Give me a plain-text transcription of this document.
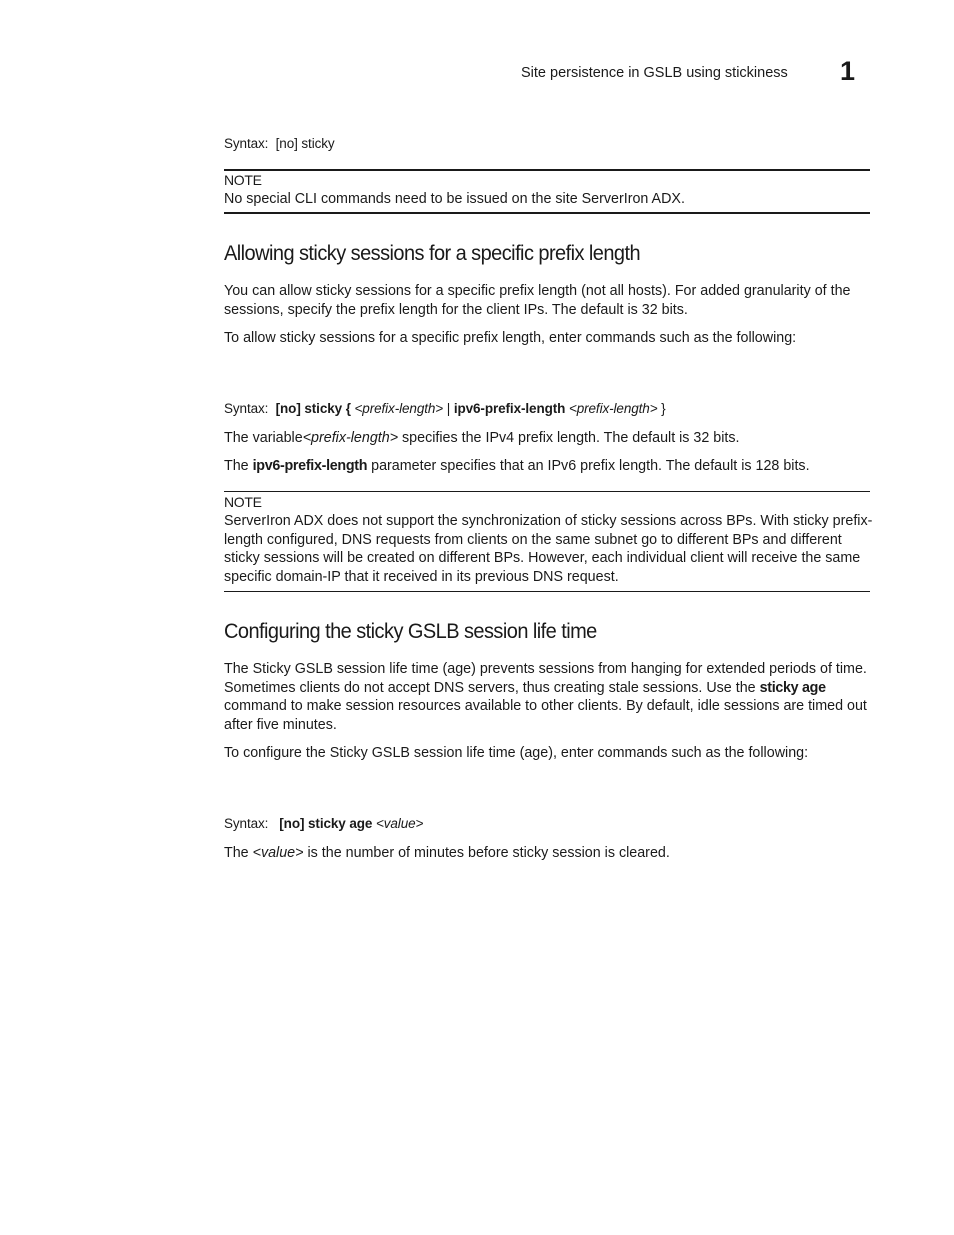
Site persistence in GSLB using stickiness 1
Syntax: [no] sticky
NOTE
No special CLI commands need to be issued on the site ServerIron ADX.
Allowing sticky sessions for a specific prefix length
You can allow sticky sessions for a specific prefix length (not all hosts). For added granularity of the sessions, specify the prefix length for the client IPs. The default is 32 bits.
To allow sticky sessions for a specific prefix length, enter commands such as the following:
Syntax: [no] sticky { <prefix-length> | ipv6-prefix-length <prefix-length> }
The variable<prefix-length> specifies the IPv4 prefix length. The default is 32 bits.
The ipv6-prefix-length parameter specifies that an IPv6 prefix length. The default is 128 bits.
NOTE
ServerIron ADX does not support the synchronization of sticky sessions across BPs. With sticky prefix-length configured, DNS requests from clients on the same subnet go to different BPs and different sticky sessions will be created on different BPs. However, each individual client will receive the same specific domain-IP that it received in its previous DNS request.
Configuring the sticky GSLB session life time
The Sticky GSLB session life time (age) prevents sessions from hanging for extended periods of time. Sometimes clients do not accept DNS servers, thus creating stale sessions. Use the sticky age command to make session resources available to other clients. By default, idle sessions are timed out after five minutes.
To configure the Sticky GSLB session life time (age), enter commands such as the following:
Syntax: [no] sticky age <value>
The <value> is the number of minutes before sticky session is cleared.
